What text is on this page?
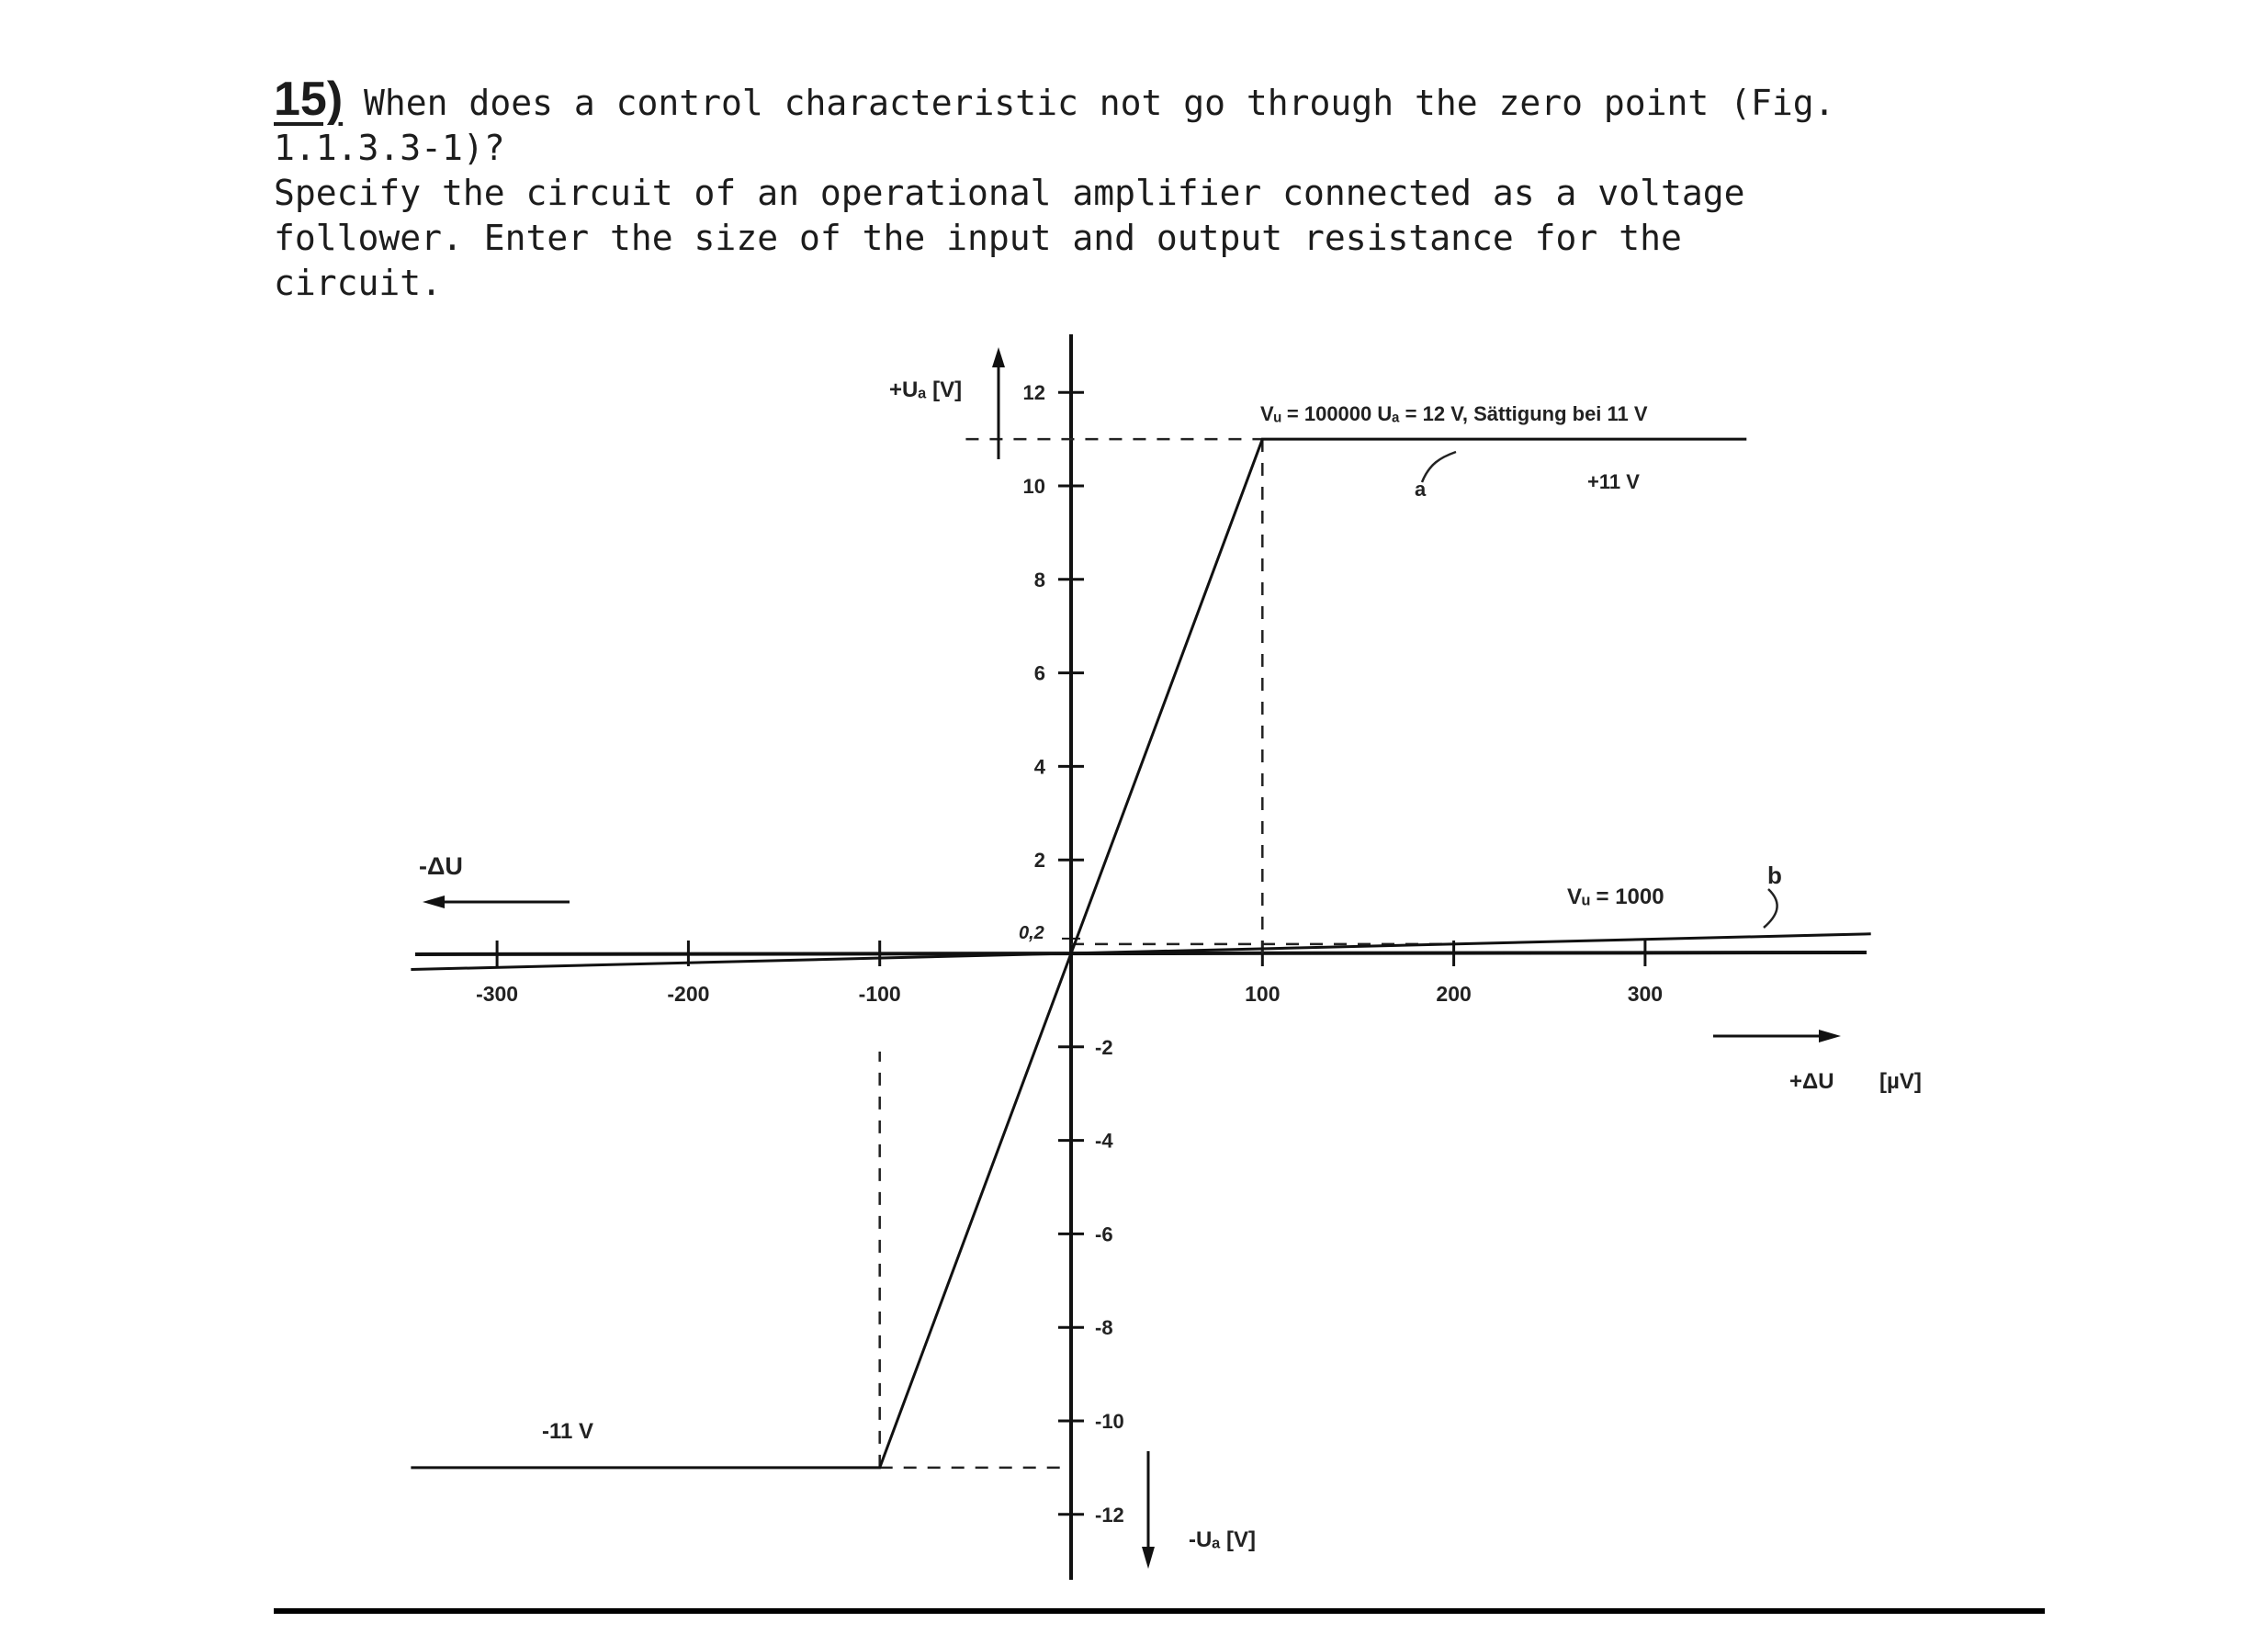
15) When does a control characteristic not go through the zero point (Fig.

1.1.3.3-1)?

Specify the circuit of an operational amplifier connected as a voltage

follower. Enter the size of the input and output resistance for the

circuit.

-12
-10
-8
-6
-4
-2
2
4
6
8
10
12
-300	-200	-100	100	200	300
+Uₐ [V]
-Uₐ [V]
-ΔU
+ΔU [µV]
Vᵤ = 100000 Uₐ = 12 V, Sättigung bei 11 V
a	+11 V
-11 V
Vᵤ = 1000
b
0,2
